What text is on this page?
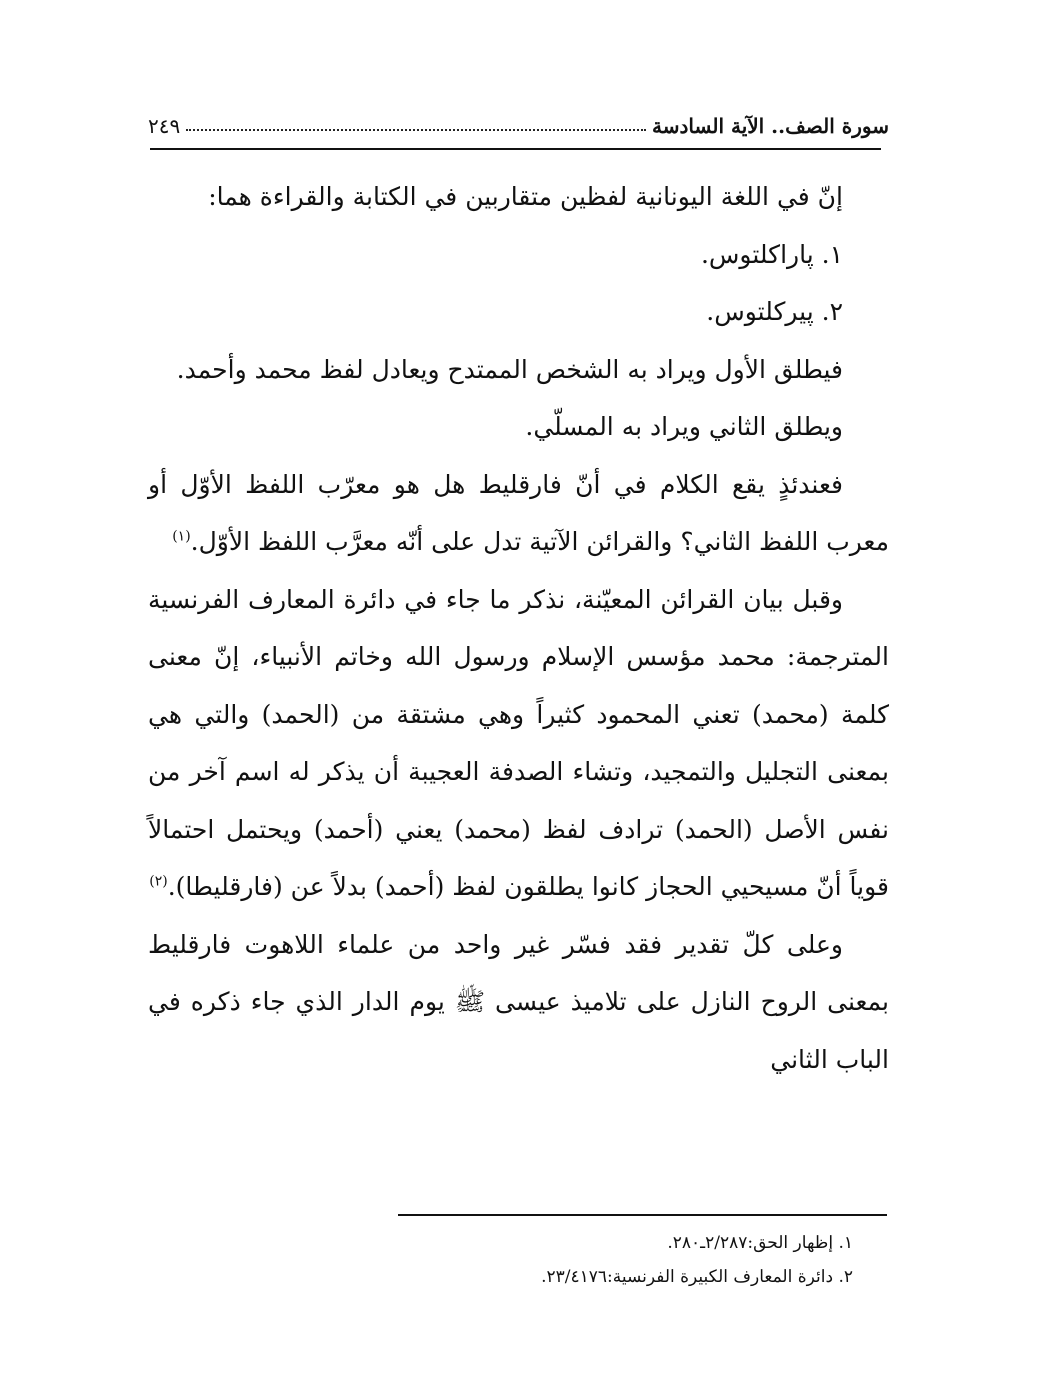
سورة الصف.. الآية السادسة
٢٤٩

إنّ في اللغة اليونانية لفظين متقاربين في الكتابة والقراءة هما:

١. پاراكلتوس.

٢. پيركلتوس.

فيطلق الأول ويراد به الشخص الممتدح ويعادل لفظ محمد وأحمد.

ويطلق الثاني ويراد به المسلّي.

فعندئذٍ يقع الكلام في أنّ فارقليط هل هو معرّب اللفظ الأوّل أو معرب اللفظ الثاني؟ والقرائن الآتية تدل على أنّه معرَّب اللفظ الأوّل.$^{(١)}$

وقبل بيان القرائن المعيّنة، نذكر ما جاء في دائرة المعارف الفرنسية المترجمة: محمد مؤسس الإسلام ورسول الله وخاتم الأنبياء، إنّ معنى كلمة (محمد) تعني المحمود كثيراً وهي مشتقة من (الحمد) والتي هي بمعنى التجليل والتمجيد، وتشاء الصدفة العجيبة أن يذكر له اسم آخر من نفس الأصل (الحمد) ترادف لفظ (محمد) يعني (أحمد) ويحتمل احتمالاً قوياً أنّ مسيحيي الحجاز كانوا يطلقون لفظ (أحمد) بدلاً عن (فارقليطا).$^{(٢)}$

وعلى كلّ تقدير فقد فسّر غير واحد من علماء اللاهوت فارقليط بمعنى الروح النازل على تلاميذ عيسى ﷺ يوم الدار الذي جاء ذكره في الباب الثاني

١. إظهار الحق:٢/٢٨٧ـ٢٨٠.

٢. دائرة المعارف الكبيرة الفرنسية:٢٣/٤١٧٦.
